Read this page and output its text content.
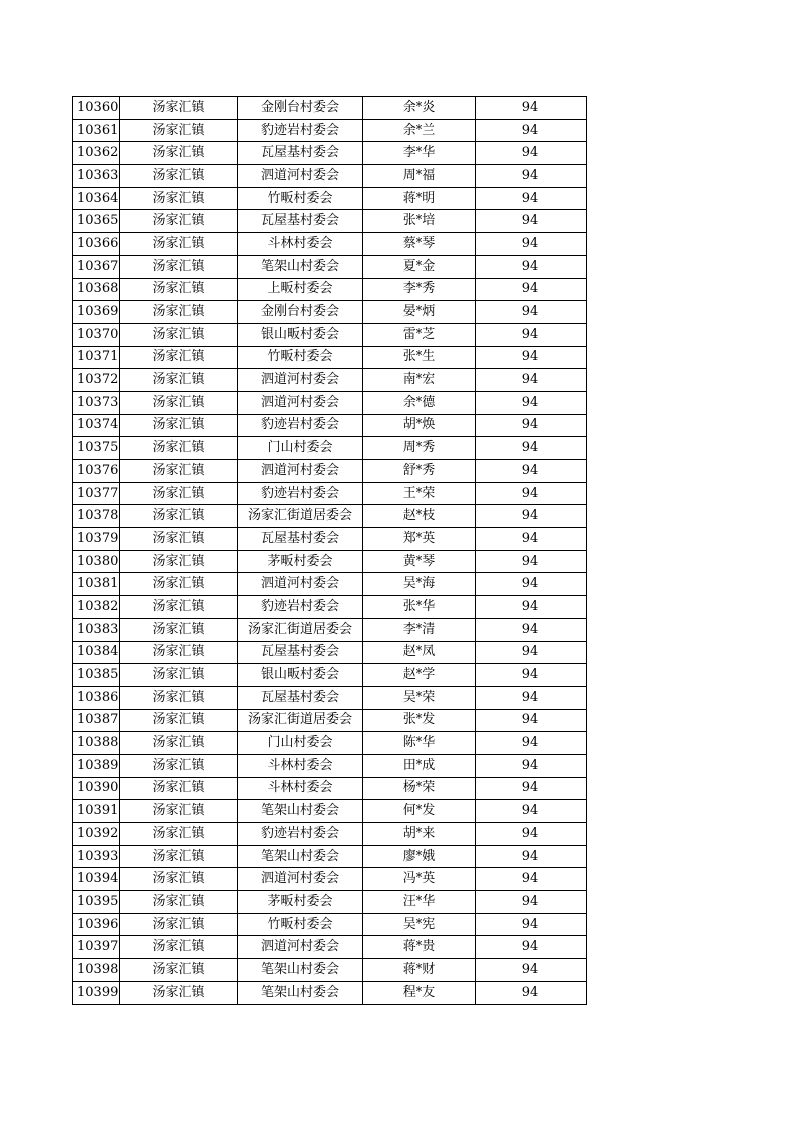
10360	汤家汇镇	金刚台村委会	余*炎	94
10361	汤家汇镇	豹迹岩村委会	余*兰	94
10362	汤家汇镇	瓦屋基村委会	李*华	94
10363	汤家汇镇	泗道河村委会	周*福	94
10364	汤家汇镇	竹畈村委会	蒋*明	94
10365	汤家汇镇	瓦屋基村委会	张*培	94
10366	汤家汇镇	斗林村委会	蔡*琴	94
10367	汤家汇镇	笔架山村委会	夏*金	94
10368	汤家汇镇	上畈村委会	李*秀	94
10369	汤家汇镇	金刚台村委会	晏*炳	94
10370	汤家汇镇	银山畈村委会	雷*芝	94
10371	汤家汇镇	竹畈村委会	张*生	94
10372	汤家汇镇	泗道河村委会	南*宏	94
10373	汤家汇镇	泗道河村委会	余*德	94
10374	汤家汇镇	豹迹岩村委会	胡*焕	94
10375	汤家汇镇	门山村委会	周*秀	94
10376	汤家汇镇	泗道河村委会	舒*秀	94
10377	汤家汇镇	豹迹岩村委会	王*荣	94
10378	汤家汇镇	汤家汇街道居委会	赵*枝	94
10379	汤家汇镇	瓦屋基村委会	郑*英	94
10380	汤家汇镇	茅畈村委会	黄*琴	94
10381	汤家汇镇	泗道河村委会	吴*海	94
10382	汤家汇镇	豹迹岩村委会	张*华	94
10383	汤家汇镇	汤家汇街道居委会	李*清	94
10384	汤家汇镇	瓦屋基村委会	赵*凤	94
10385	汤家汇镇	银山畈村委会	赵*学	94
10386	汤家汇镇	瓦屋基村委会	吴*荣	94
10387	汤家汇镇	汤家汇街道居委会	张*发	94
10388	汤家汇镇	门山村委会	陈*华	94
10389	汤家汇镇	斗林村委会	田*成	94
10390	汤家汇镇	斗林村委会	杨*荣	94
10391	汤家汇镇	笔架山村委会	何*发	94
10392	汤家汇镇	豹迹岩村委会	胡*来	94
10393	汤家汇镇	笔架山村委会	廖*娥	94
10394	汤家汇镇	泗道河村委会	冯*英	94
10395	汤家汇镇	茅畈村委会	汪*华	94
10396	汤家汇镇	竹畈村委会	吴*宪	94
10397	汤家汇镇	泗道河村委会	蒋*贵	94
10398	汤家汇镇	笔架山村委会	蒋*财	94
10399	汤家汇镇	笔架山村委会	程*友	94
